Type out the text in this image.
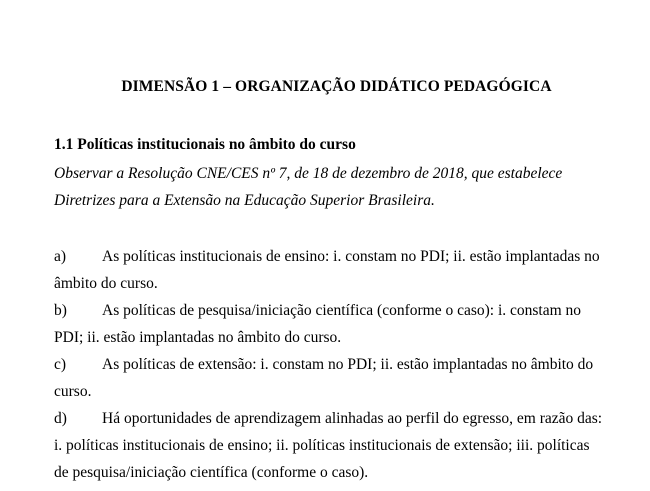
DIMENSÃO 1 – ORGANIZAÇÃO DIDÁTICO PEDAGÓGICA
1.1 Políticas institucionais no âmbito do curso
Observar a Resolução CNE/CES nº 7, de 18 de dezembro de 2018, que estabelece
Diretrizes para a Extensão na Educação Superior Brasileira.
a) As políticas institucionais de ensino: i. constam no PDI; ii. estão implantadas no
âmbito do curso.
b) As políticas de pesquisa/iniciação científica (conforme o caso): i. constam no
PDI; ii. estão implantadas no âmbito do curso.
c) As políticas de extensão: i. constam no PDI; ii. estão implantadas no âmbito do
curso.
d) Há oportunidades de aprendizagem alinhadas ao perfil do egresso, em razão das:
i. políticas institucionais de ensino; ii. políticas institucionais de extensão; iii. políticas
de pesquisa/iniciação científica (conforme o caso).
